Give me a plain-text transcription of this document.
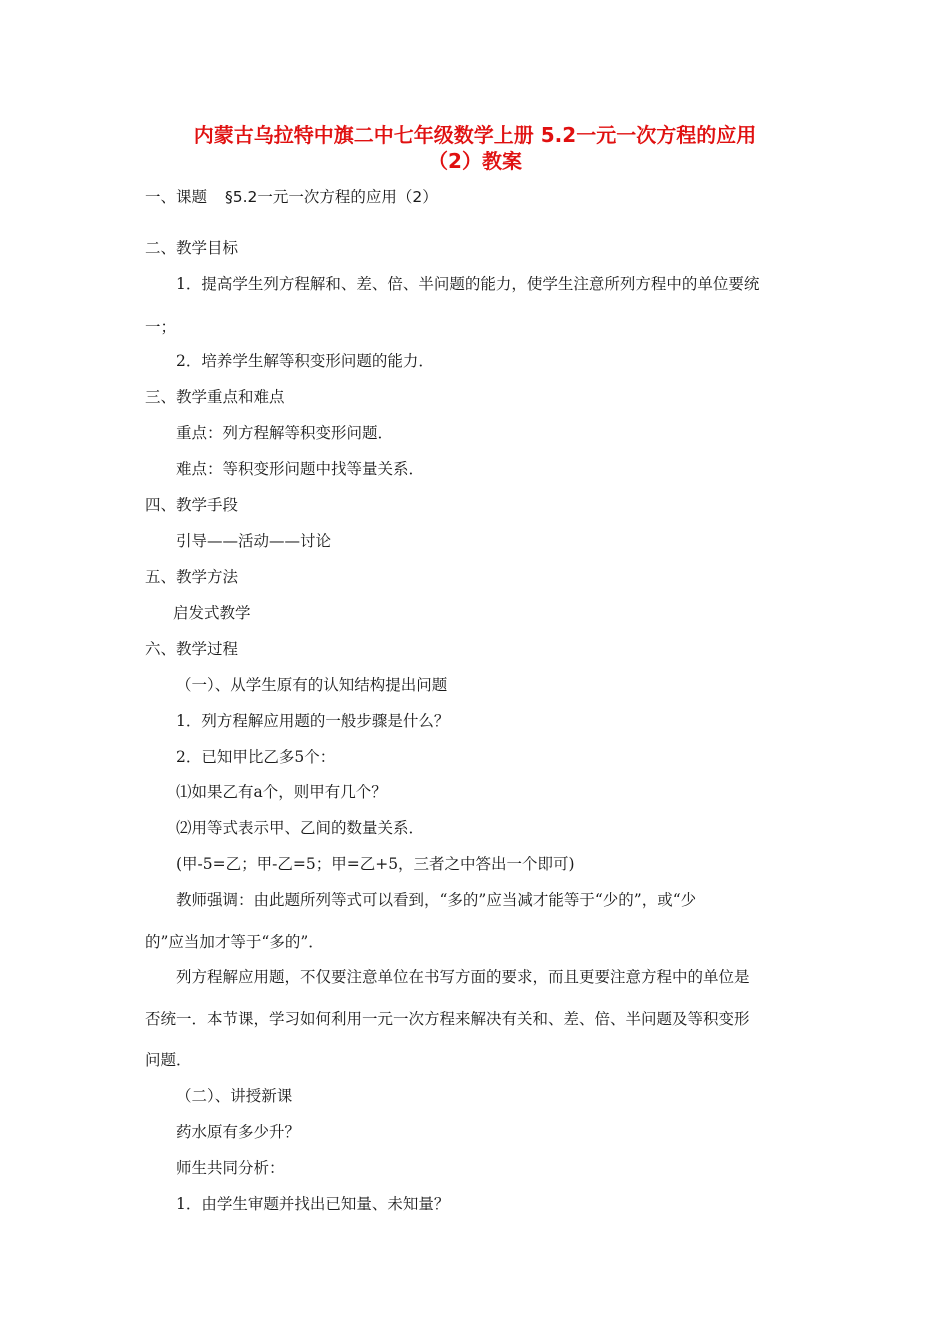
内蒙古乌拉特中旗二中七年级数学上册 5.2一元一次方程的应用
（2）教案
一、课题 §5.2一元一次方程的应用（2）
二、教学目标
1．提高学生列方程解和、差、倍、半问题的能力，使学生注意所列方程中的单位要统
一；
2．培养学生解等积变形问题的能力．
三、教学重点和难点
重点：列方程解等积变形问题．
难点：等积变形问题中找等量关系．
四、教学手段
引导——活动——讨论
五、教学方法
启发式教学
六、教学过程
（一）、从学生原有的认知结构提出问题
1．列方程解应用题的一般步骤是什么？
2．已知甲比乙多5个：
⑴如果乙有a个，则甲有几个？
⑵用等式表示甲、乙间的数量关系．
(甲-5=乙；甲-乙=5；甲=乙+5，三者之中答出一个即可)
教师强调：由此题所列等式可以看到，“多的”应当减才能等于“少的”，或“少
的”应当加才等于“多的”．
列方程解应用题，不仅要注意单位在书写方面的要求，而且更要注意方程中的单位是
否统一．本节课，学习如何利用一元一次方程来解决有关和、差、倍、半问题及等积变形
问题．
（二）、讲授新课
药水原有多少升？
师生共同分析：
1．由学生审题并找出已知量、未知量？
